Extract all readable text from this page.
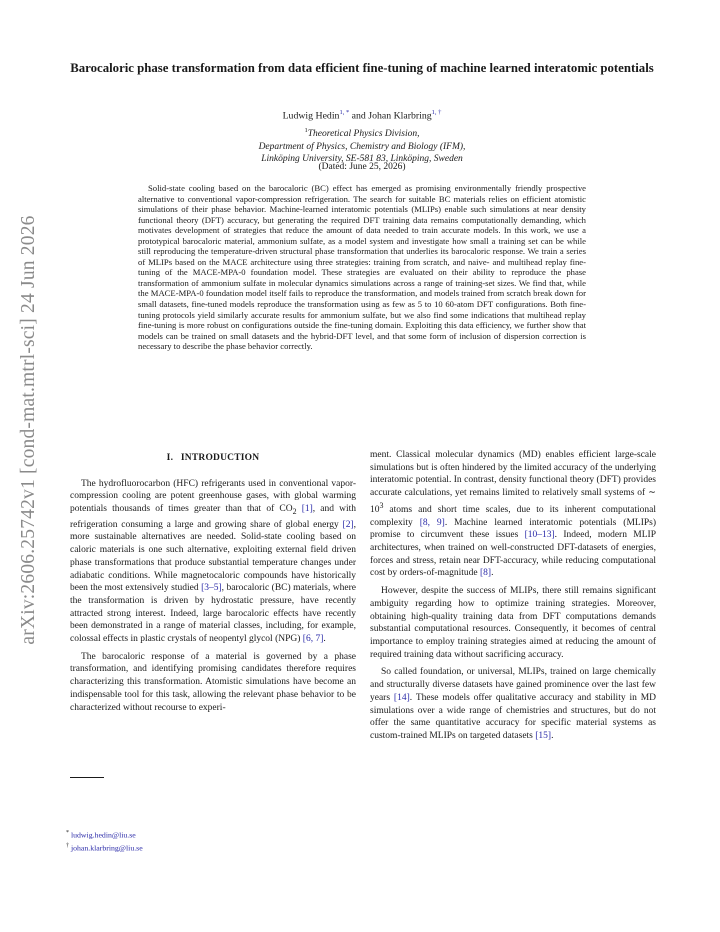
arXiv:2606.25742v1 [cond-mat.mtrl-sci] 24 Jun 2026
Barocaloric phase transformation from data efficient fine-tuning of machine learned interatomic potentials
Ludwig Hedin$^{1, *}$ and Johan Klarbring$^{1, \dagger}$
$^1$Theoretical Physics Division,
Department of Physics, Chemistry and Biology (IFM),
Linköping University, SE-581 83, Linköping, Sweden
(Dated: June 25, 2026)
Solid-state cooling based on the barocaloric (BC) effect has emerged as promising environmentally friendly prospective alternative to conventional vapor-compression refrigeration. The search for suitable BC materials relies on efficient atomistic simulations of their phase behavior. Machine-learned interatomic potentials (MLIPs) enable such simulations at near density functional theory (DFT) accuracy, but generating the required DFT training data remains computationally demanding, which motivates development of strategies that reduce the amount of data needed to train accurate models. In this work, we use a prototypical barocaloric material, ammonium sulfate, as a model system and investigate how small a training set can be while still reproducing the temperature-driven structural phase transformation that underlies its barocaloric response. We train a series of MLIPs based on the MACE architecture using three strategies: training from scratch, and naive- and multihead replay fine-tuning of the MACE-MPA-0 foundation model. These strategies are evaluated on their ability to reproduce the phase transformation of ammonium sulfate in molecular dynamics simulations across a range of training-set sizes. We find that, while the MACE-MPA-0 foundation model itself fails to reproduce the transformation, and models trained from scratch break down for small datasets, fine-tuned models reproduce the transformation using as few as 5 to 10 60-atom DFT configurations. Both fine-tuning protocols yield similarly accurate results for ammonium sulfate, but we also find some indications that multihead replay fine-tuning is more robust on configurations outside the fine-tuning domain. Exploiting this data efficiency, we further show that models can be trained on small datasets and the hybrid-DFT level, and that some form of inclusion of dispersion correction is necessary to describe the phase behavior correctly.
I. INTRODUCTION

The hydrofluorocarbon (HFC) refrigerants used in conventional vapor-compression cooling are potent greenhouse gases, with global warming potentials thousands of times greater than that of $CO_2$ [1], and with refrigeration consuming a large and growing share of global energy [2], more sustainable alternatives are needed. Solid-state cooling based on caloric materials is one such alternative, exploiting external field driven phase transformations that produce substantial temperature changes under adiabatic conditions. While magnetocaloric compounds have historically been the most extensively studied [3–5], barocaloric (BC) materials, where the transformation is driven by hydrostatic pressure, have recently attracted strong interest. Indeed, large barocaloric effects have recently been demonstrated in a range of material classes, including, for example, colossal effects in plastic crystals of neopentyl glycol (NPG) [6, 7].

The barocaloric response of a material is governed by a phase transformation, and identifying promising candidates therefore requires characterizing this transformation. Atomistic simulations have become an indispensable tool for this task, allowing the relevant phase behavior to be characterized without recourse to experi-

ment. Classical molecular dynamics (MD) enables efficient large-scale simulations but is often hindered by the limited accuracy of the underlying interatomic potential. In contrast, density functional theory (DFT) provides accurate calculations, yet remains limited to relatively small systems of ∼ $10^3$ atoms and short time scales, due to its inherent computational complexity [8, 9]. Machine learned interatomic potentials (MLIPs) promise to circumvent these issues [10–13]. Indeed, modern MLIP architectures, when trained on well-constructed DFT-datasets of energies, forces and stress, retain near DFT-accuracy, while reducing computational cost by orders-of-magnitude [8].

However, despite the success of MLIPs, there still remains significant ambiguity regarding how to optimize training strategies. Moreover, obtaining high-quality training data from DFT computations demands substantial computational resources. Consequently, it becomes of central importance to employ training strategies aimed at reducing the amount of required training data without sacrificing accuracy.

So called foundation, or universal, MLIPs, trained on large chemically and structurally diverse datasets have gained prominence over the last few years [14]. These models offer qualitative accuracy and stability in MD simulations over a wide range of chemistries and structures, but do not offer the same quantitative accuracy for specific material systems as custom-trained MLIPs on targeted datasets [15].

* ludwig.hedin@liu.se
† johan.klarbring@liu.se
